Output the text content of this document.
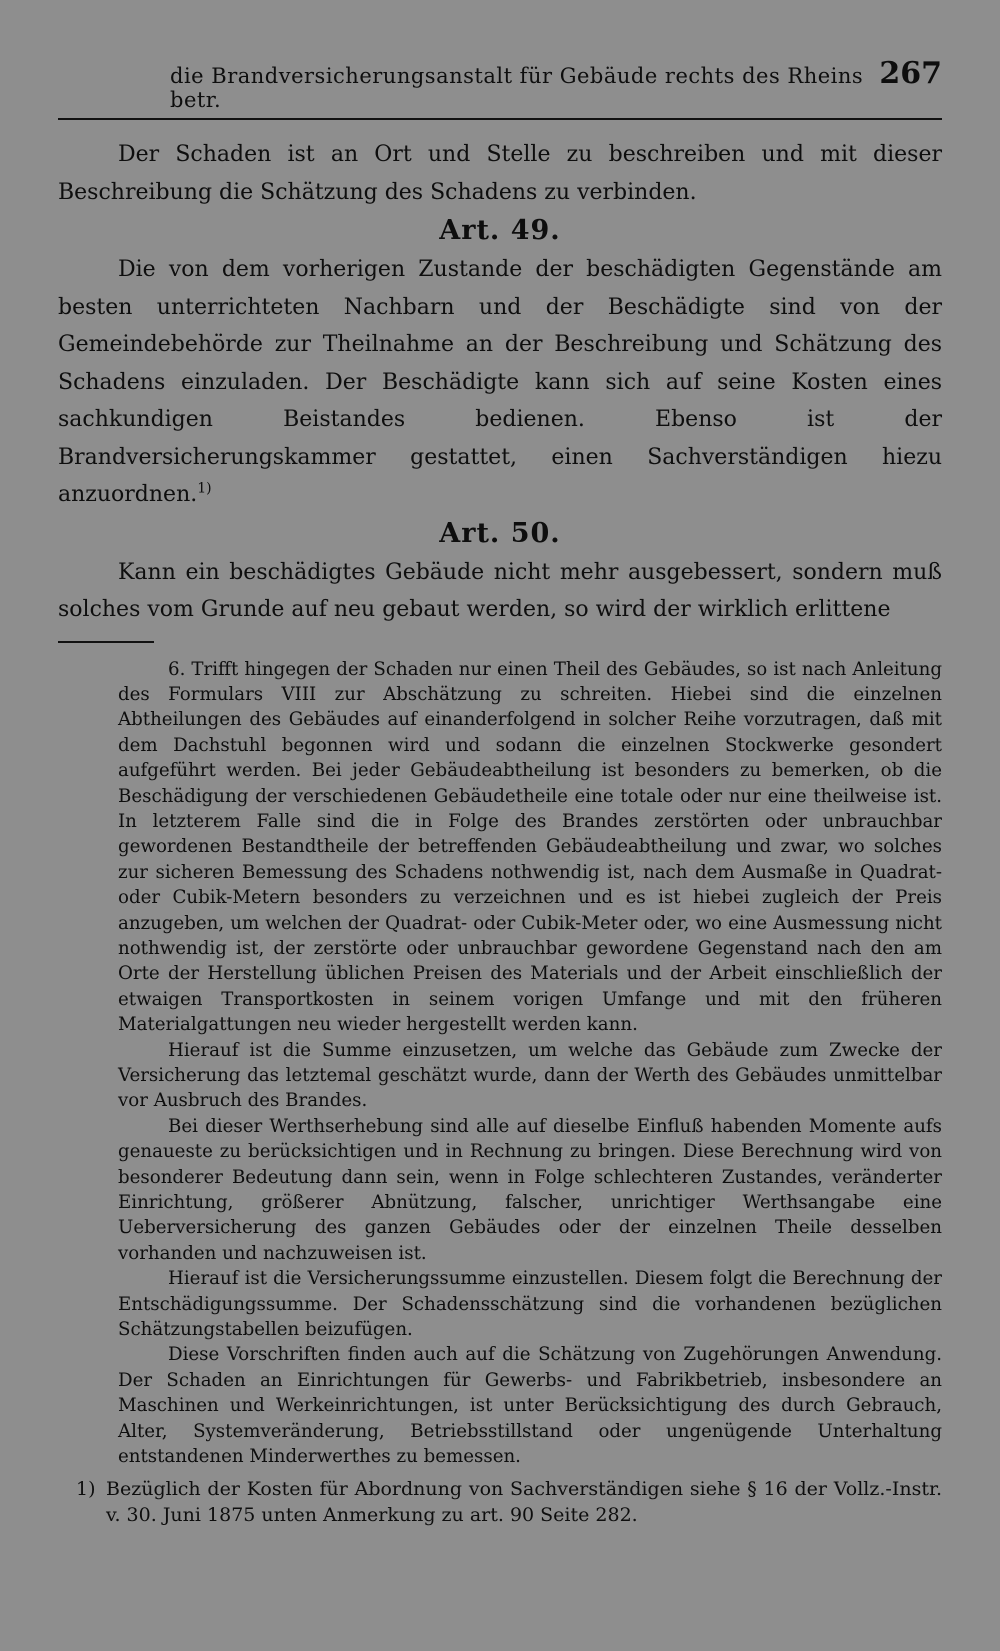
die Brandversicherungsanstalt für Gebäude rechts des Rheins betr.
267

Der Schaden ist an Ort und Stelle zu beschreiben und mit dieser Beschreibung die Schätzung des Schadens zu verbinden.

Art. 49.

Die von dem vorherigen Zustande der beschädigten Gegenstände am besten unterrichteten Nachbarn und der Beschädigte sind von der Gemeindebehörde zur Theilnahme an der Beschreibung und Schätzung des Schadens einzuladen. Der Beschädigte kann sich auf seine Kosten eines sachkundigen Beistandes bedienen. Ebenso ist der Brandversicherungskammer gestattet, einen Sachverständigen hiezu anzuordnen.$^{1)}$

Art. 50.

Kann ein beschädigtes Gebäude nicht mehr ausgebessert, sondern muß solches vom Grunde auf neu gebaut werden, so wird der wirklich erlittene

6. Trifft hingegen der Schaden nur einen Theil des Gebäudes, so ist nach Anleitung des Formulars VIII zur Abschätzung zu schreiten. Hiebei sind die einzelnen Abtheilungen des Gebäudes auf einanderfolgend in solcher Reihe vorzutragen, daß mit dem Dachstuhl begonnen wird und sodann die einzelnen Stockwerke gesondert aufgeführt werden. Bei jeder Gebäudeabtheilung ist besonders zu bemerken, ob die Beschädigung der verschiedenen Gebäudetheile eine totale oder nur eine theilweise ist. In letzterem Falle sind die in Folge des Brandes zerstörten oder unbrauchbar gewordenen Bestandtheile der betreffenden Gebäudeabtheilung und zwar, wo solches zur sicheren Bemessung des Schadens nothwendig ist, nach dem Ausmaße in Quadrat- oder Cubik-Metern besonders zu verzeichnen und es ist hiebei zugleich der Preis anzugeben, um welchen der Quadrat- oder Cubik-Meter oder, wo eine Ausmessung nicht nothwendig ist, der zerstörte oder unbrauchbar gewordene Gegenstand nach den am Orte der Herstellung üblichen Preisen des Materials und der Arbeit einschließlich der etwaigen Transportkosten in seinem vorigen Umfange und mit den früheren Materialgattungen neu wieder hergestellt werden kann.

Hierauf ist die Summe einzusetzen, um welche das Gebäude zum Zwecke der Versicherung das letztemal geschätzt wurde, dann der Werth des Gebäudes unmittelbar vor Ausbruch des Brandes.

Bei dieser Werthserhebung sind alle auf dieselbe Einfluß habenden Momente aufs genaueste zu berücksichtigen und in Rechnung zu bringen. Diese Berechnung wird von besonderer Bedeutung dann sein, wenn in Folge schlechteren Zustandes, veränderter Einrichtung, größerer Abnützung, falscher, unrichtiger Werthsangabe eine Ueberversicherung des ganzen Gebäudes oder der einzelnen Theile desselben vorhanden und nachzuweisen ist.

Hierauf ist die Versicherungssumme einzustellen. Diesem folgt die Berechnung der Entschädigungssumme. Der Schadensschätzung sind die vorhandenen bezüglichen Schätzungstabellen beizufügen.

Diese Vorschriften finden auch auf die Schätzung von Zugehörungen Anwendung. Der Schaden an Einrichtungen für Gewerbs- und Fabrikbetrieb, insbesondere an Maschinen und Werkeinrichtungen, ist unter Berücksichtigung des durch Gebrauch, Alter, Systemveränderung, Betriebsstillstand oder ungenügende Unterhaltung entstandenen Minderwerthes zu bemessen.

1) Bezüglich der Kosten für Abordnung von Sachverständigen siehe § 16 der Vollz.-Instr. v. 30. Juni 1875 unten Anmerkung zu art. 90 Seite 282.
